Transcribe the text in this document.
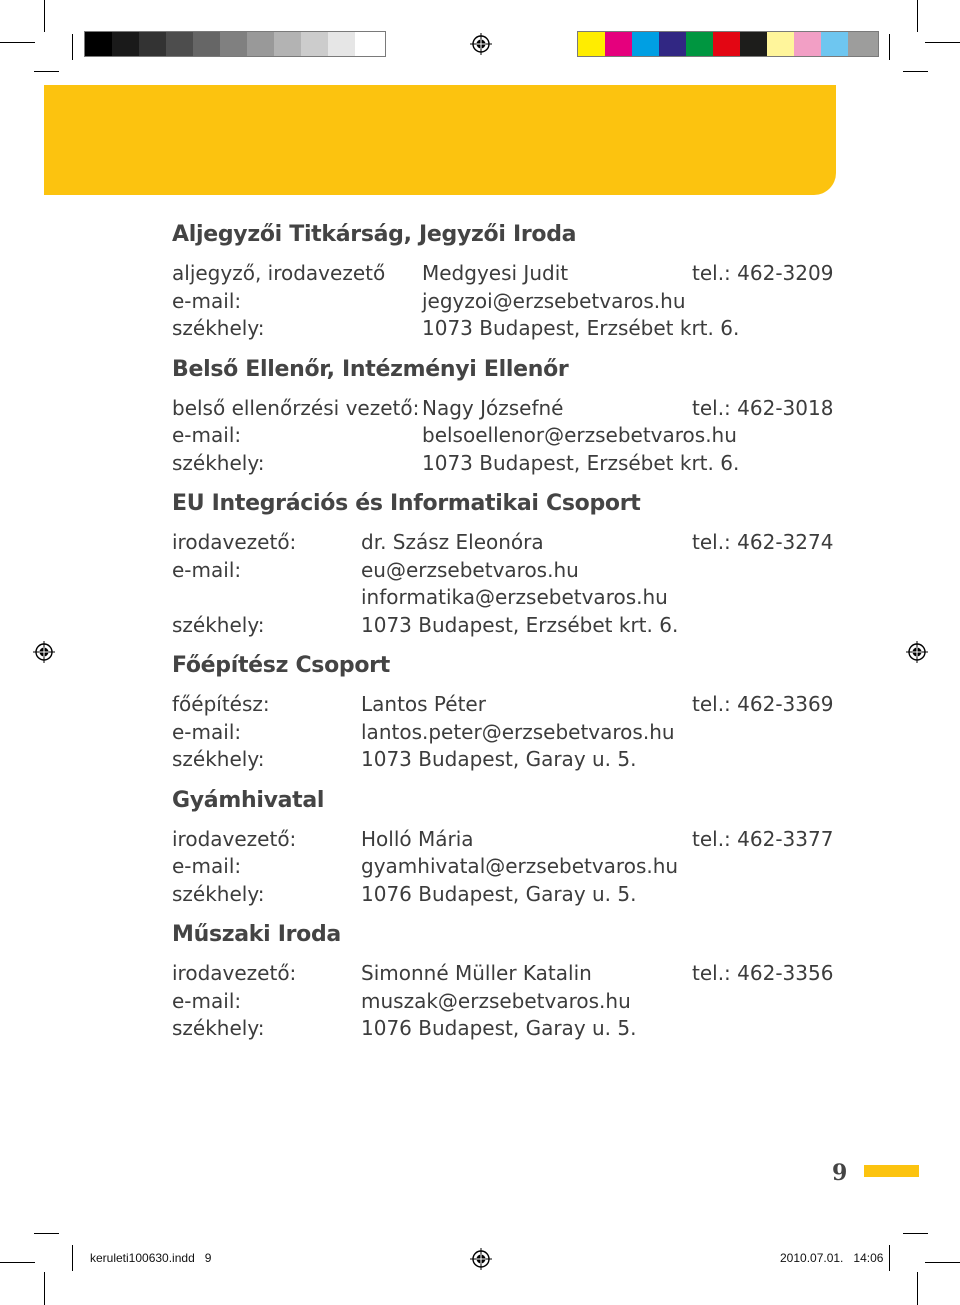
Aljegyzői Titkárság, Jegyzői Iroda
aljegyző, irodavezető Medgyesi Judit	tel.: 462-3209
e-mail:	jegyzoi@erzsebetvaros.hu
székhely:	1073 Budapest, Erzsébet krt. 6.
Belső Ellenőr, Intézményi Ellenőr
belső ellenőrzési vezető: Nagy Józsefné	tel.: 462-3018
e-mail:	belsoellenor@erzsebetvaros.hu
székhely:	1073 Budapest, Erzsébet krt. 6.
EU Integrációs és Informatikai Csoport
irodavezető:	dr. Szász Eleonóra	tel.: 462-3274
e-mail:	eu@erzsebetvaros.hu
informatika@erzsebetvaros.hu
székhely:	1073 Budapest, Erzsébet krt. 6.
Főépítész Csoport
főépítész:	Lantos Péter	tel.: 462-3369
e-mail:	lantos.peter@erzsebetvaros.hu
székhely:	1073 Budapest, Garay u. 5.
Gyámhivatal
irodavezető:	Holló Mária	tel.: 462-3377
e-mail:	gyamhivatal@erzsebetvaros.hu
székhely:	1076 Budapest, Garay u. 5.
Műszaki Iroda
irodavezető:	Simonné Müller Katalin	tel.: 462-3356
e-mail:	muszak@erzsebetvaros.hu
székhely:	1076 Budapest, Garay u. 5.
9
keruleti100630.indd   9	2010.07.01.   14:06
